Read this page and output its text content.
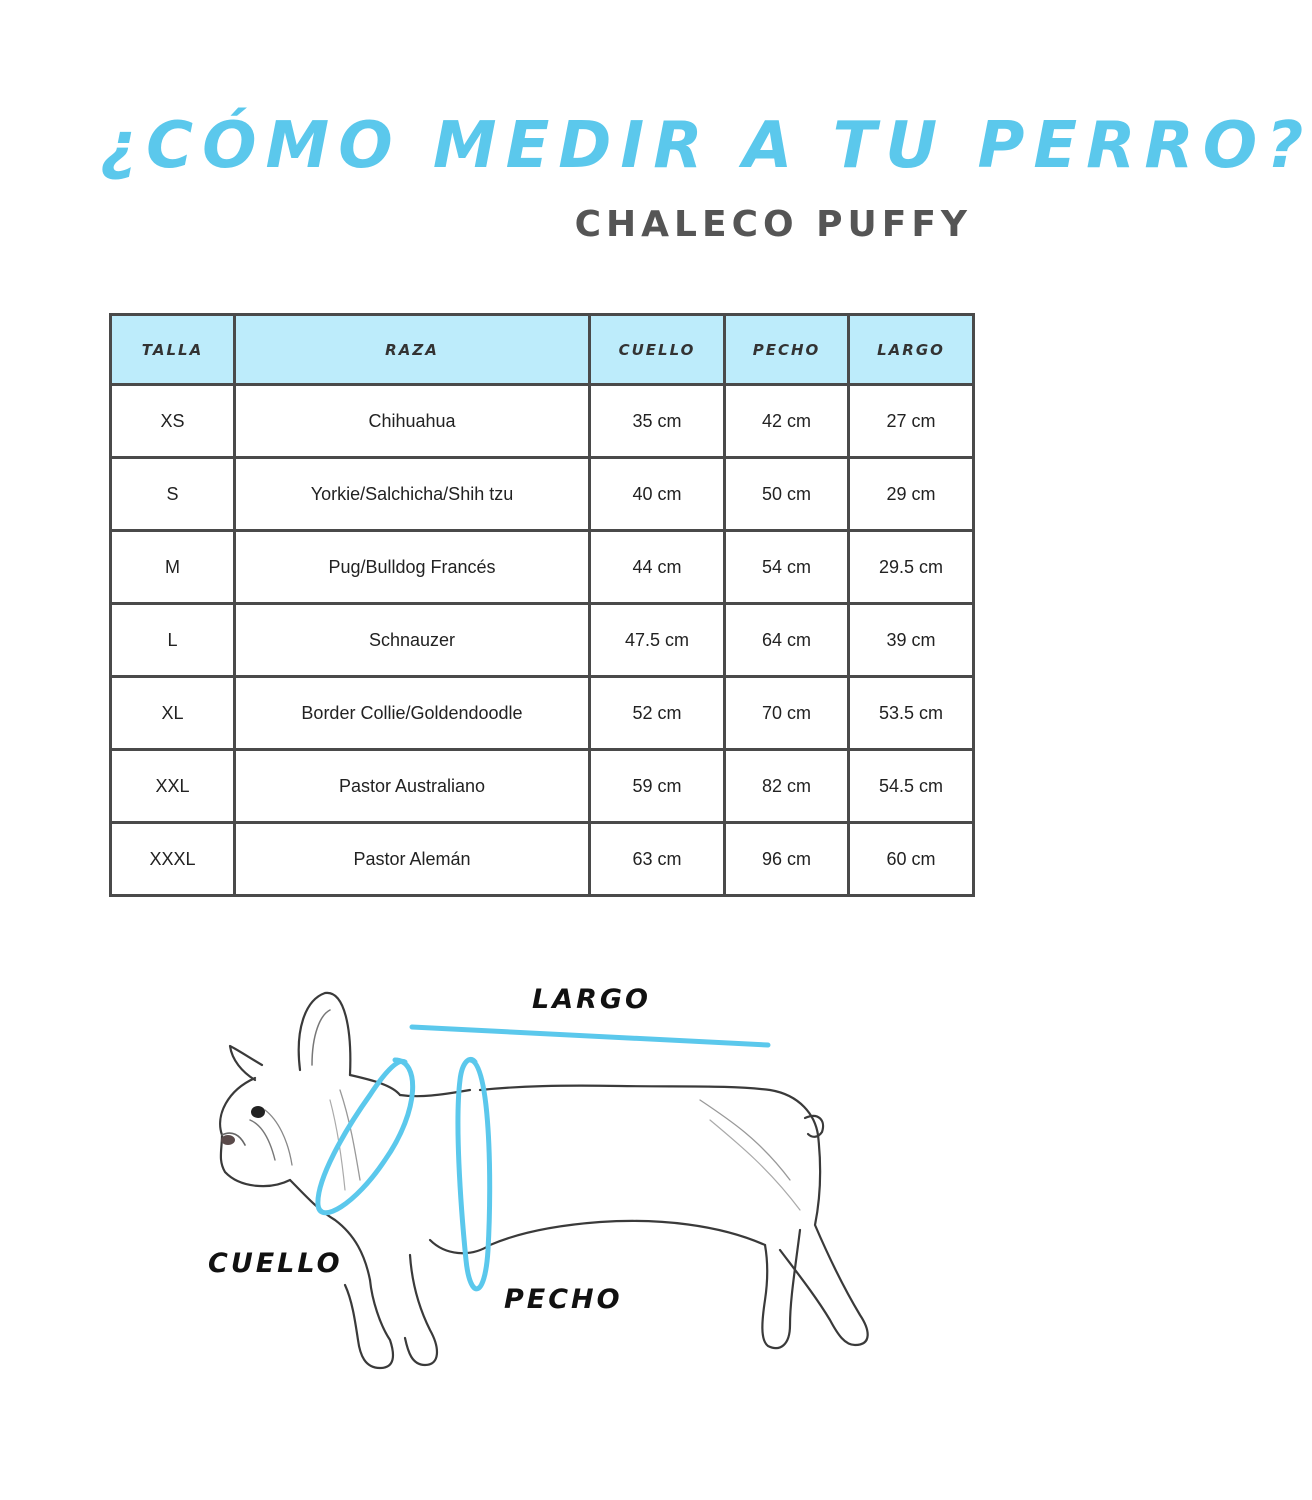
¿CÓMO MEDIR A TU PERRO?
CHALECO PUFFY
TALLA	RAZA	CUELLO	PECHO	LARGO
XS	Chihuahua	35 cm	42 cm	27 cm
S	Yorkie/Salchicha/Shih tzu	40 cm	50 cm	29 cm
M	Pug/Bulldog Francés	44 cm	54 cm	29.5 cm
L	Schnauzer	47.5 cm	64 cm	39 cm
XL	Border Collie/Goldendoodle	52 cm	70 cm	53.5 cm
XXL	Pastor Australiano	59 cm	82 cm	54.5 cm
XXXL	Pastor Alemán	63 cm	96 cm	60 cm
LARGO
CUELLO
PECHO
